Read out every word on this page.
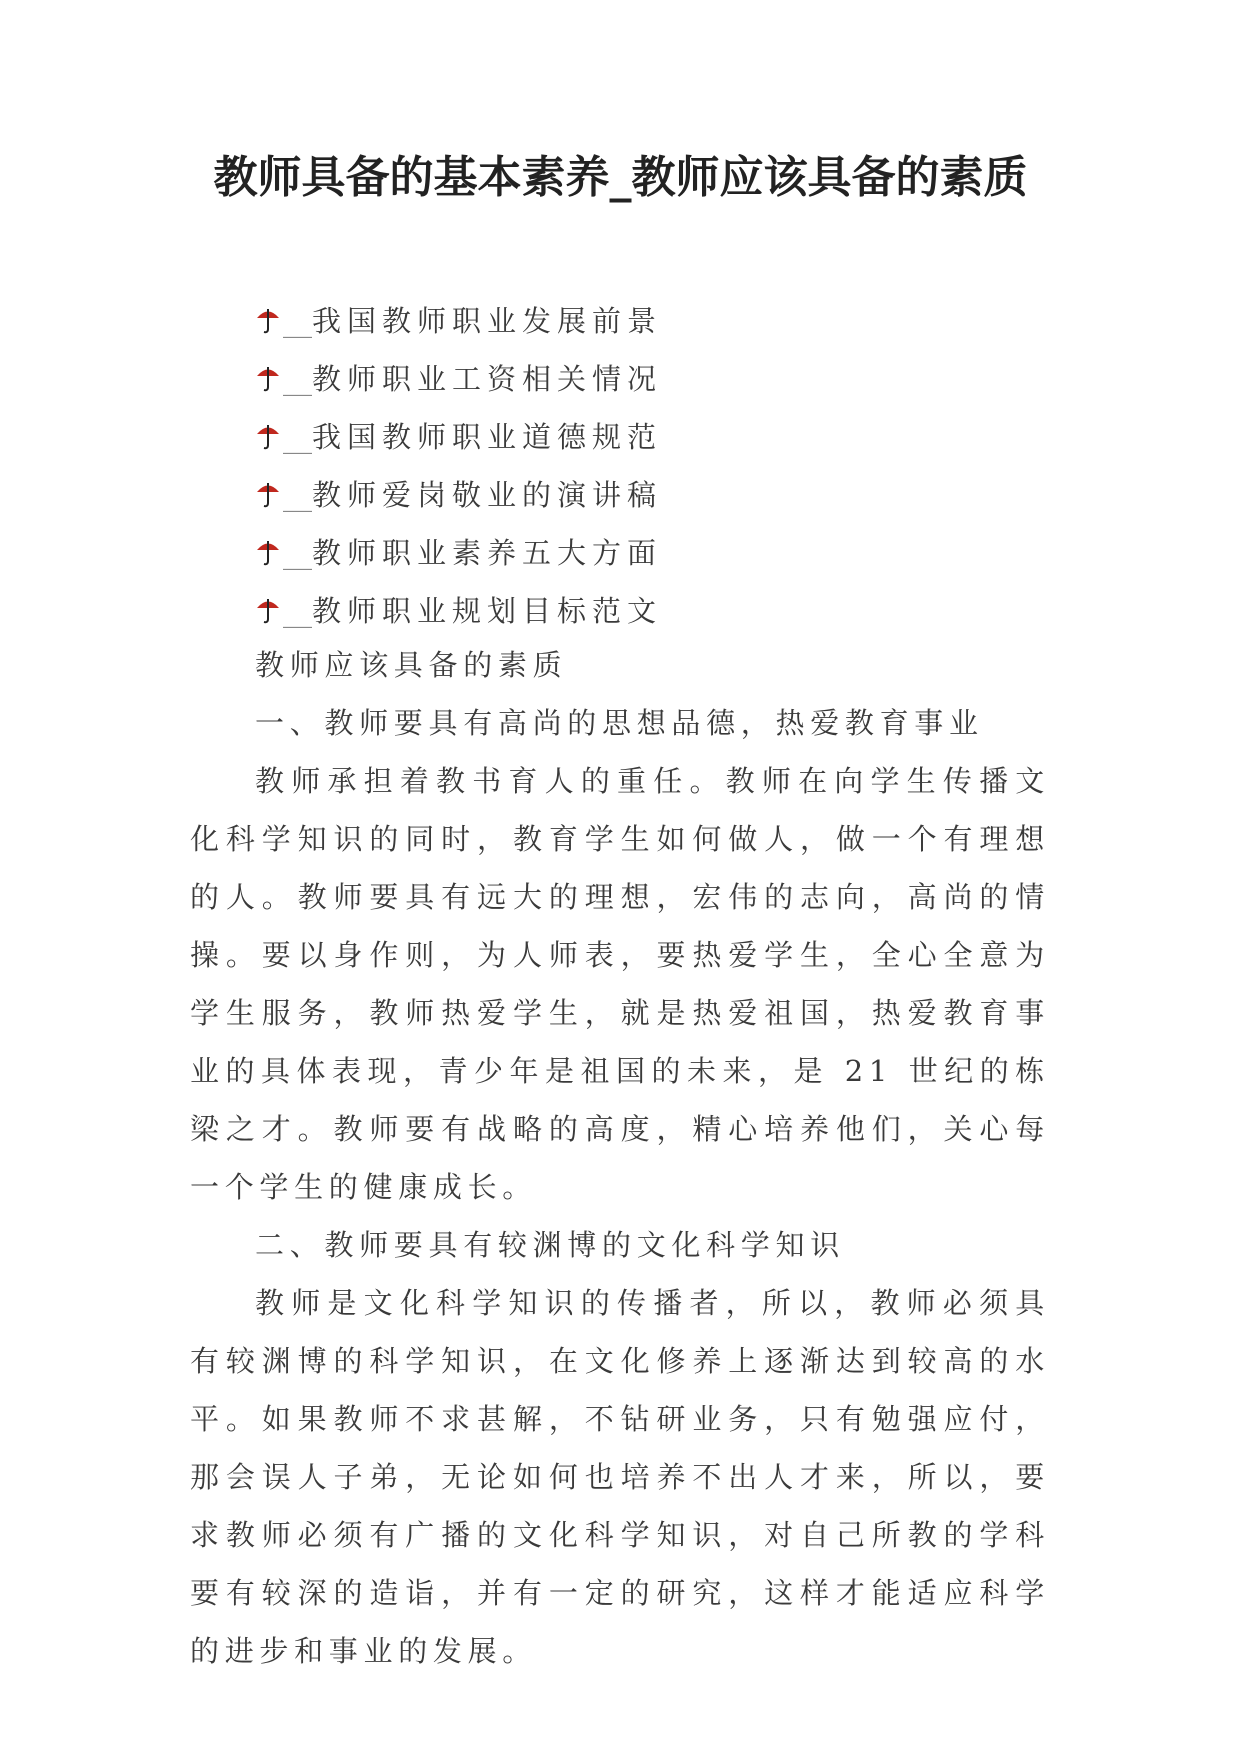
教师具备的基本素养_教师应该具备的素质
__我国教师职业发展前景
__教师职业工资相关情况
__我国教师职业道德规范
__教师爱岗敬业的演讲稿
__教师职业素养五大方面
__教师职业规划目标范文

教师应该具备的素质

一、教师要具有高尚的思想品德，热爱教育事业

教师承担着教书育人的重任。教师在向学生传播文化科学知识的同时，教育学生如何做人，做一个有理想的人。教师要具有远大的理想，宏伟的志向，高尚的情操。要以身作则，为人师表，要热爱学生，全心全意为学生服务，教师热爱学生，就是热爱祖国，热爱教育事业的具体表现，青少年是祖国的未来，是 21 世纪的栋梁之才。教师要有战略的高度，精心培养他们，关心每一个学生的健康成长。

二、教师要具有较渊博的文化科学知识

教师是文化科学知识的传播者，所以，教师必须具有较渊博的科学知识，在文化修养上逐渐达到较高的水平。如果教师不求甚解，不钻研业务，只有勉强应付，那会误人子弟，无论如何也培养不出人才来，所以，要求教师必须有广播的文化科学知识，对自己所教的学科要有较深的造诣，并有一定的研究，这样才能适应科学的进步和事业的发展。
